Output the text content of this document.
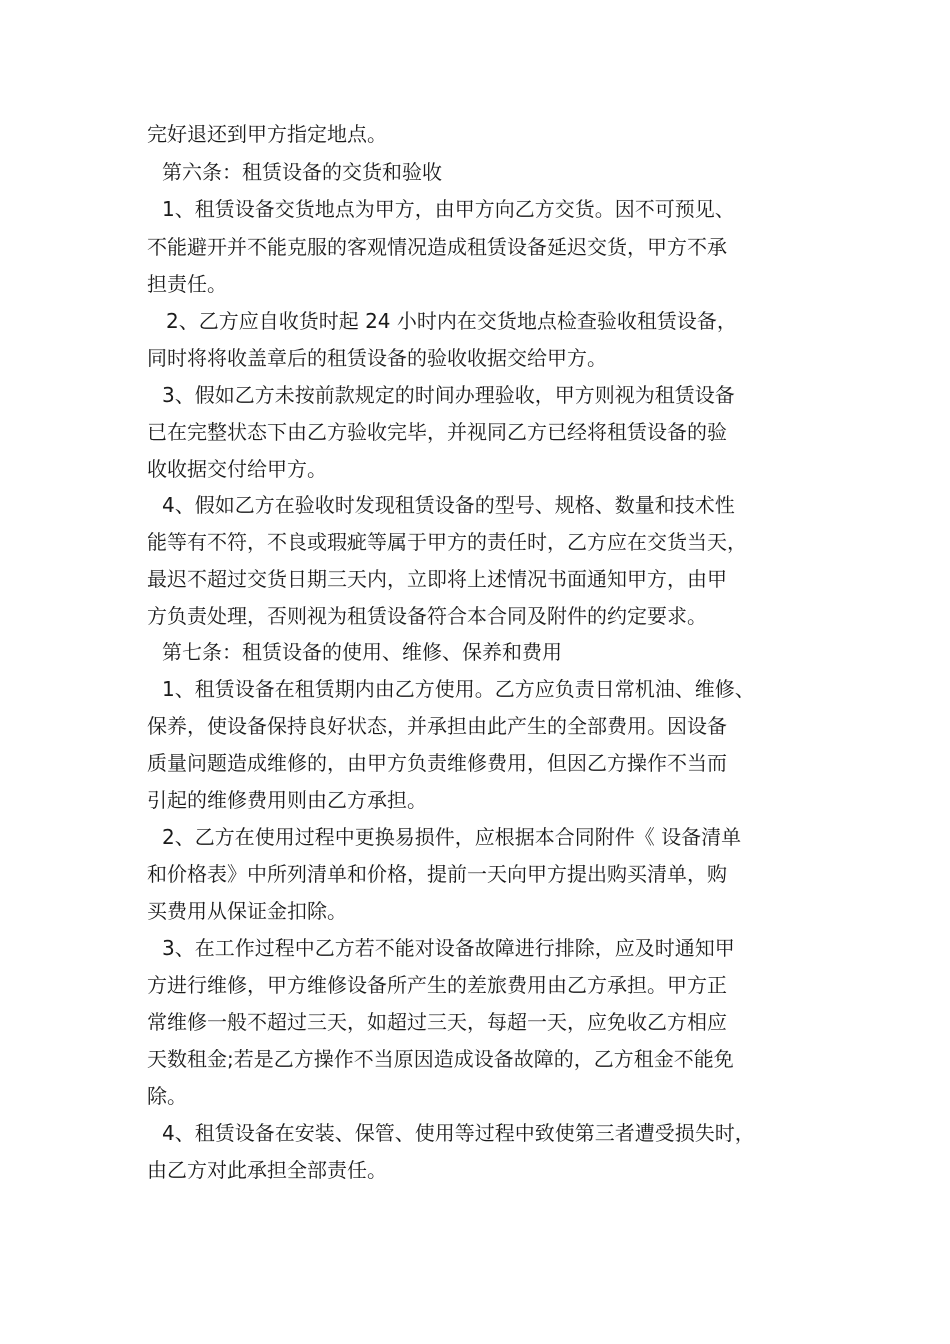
完好退还到甲方指定地点。
第六条：租赁设备的交货和验收
1、租赁设备交货地点为甲方，由甲方向乙方交货。因不可预见、
不能避开并不能克服的客观情况造成租赁设备延迟交货，甲方不承
担责任。
2、乙方应自收货时起 24 小时内在交货地点检查验收租赁设备，
同时将将收盖章后的租赁设备的验收收据交给甲方。
3、假如乙方未按前款规定的时间办理验收，甲方则视为租赁设备
已在完整状态下由乙方验收完毕，并视同乙方已经将租赁设备的验
收收据交付给甲方。
4、假如乙方在验收时发现租赁设备的型号、规格、数量和技术性
能等有不符，不良或瑕疵等属于甲方的责任时，乙方应在交货当天，
最迟不超过交货日期三天内，立即将上述情况书面通知甲方，由甲
方负责处理，否则视为租赁设备符合本合同及附件的约定要求。
第七条：租赁设备的使用、维修、保养和费用
1、租赁设备在租赁期内由乙方使用。乙方应负责日常机油、维修、
保养，使设备保持良好状态，并承担由此产生的全部费用。因设备
质量问题造成维修的，由甲方负责维修费用，但因乙方操作不当而
引起的维修费用则由乙方承担。
2、乙方在使用过程中更换易损件，应根据本合同附件《 设备清单
和价格表》中所列清单和价格，提前一天向甲方提出购买清单，购
买费用从保证金扣除。
3、在工作过程中乙方若不能对设备故障进行排除，应及时通知甲
方进行维修，甲方维修设备所产生的差旅费用由乙方承担。甲方正
常维修一般不超过三天，如超过三天，每超一天，应免收乙方相应
天数租金;若是乙方操作不当原因造成设备故障的，乙方租金不能免
除。
4、租赁设备在安装、保管、使用等过程中致使第三者遭受损失时，
由乙方对此承担全部责任。
